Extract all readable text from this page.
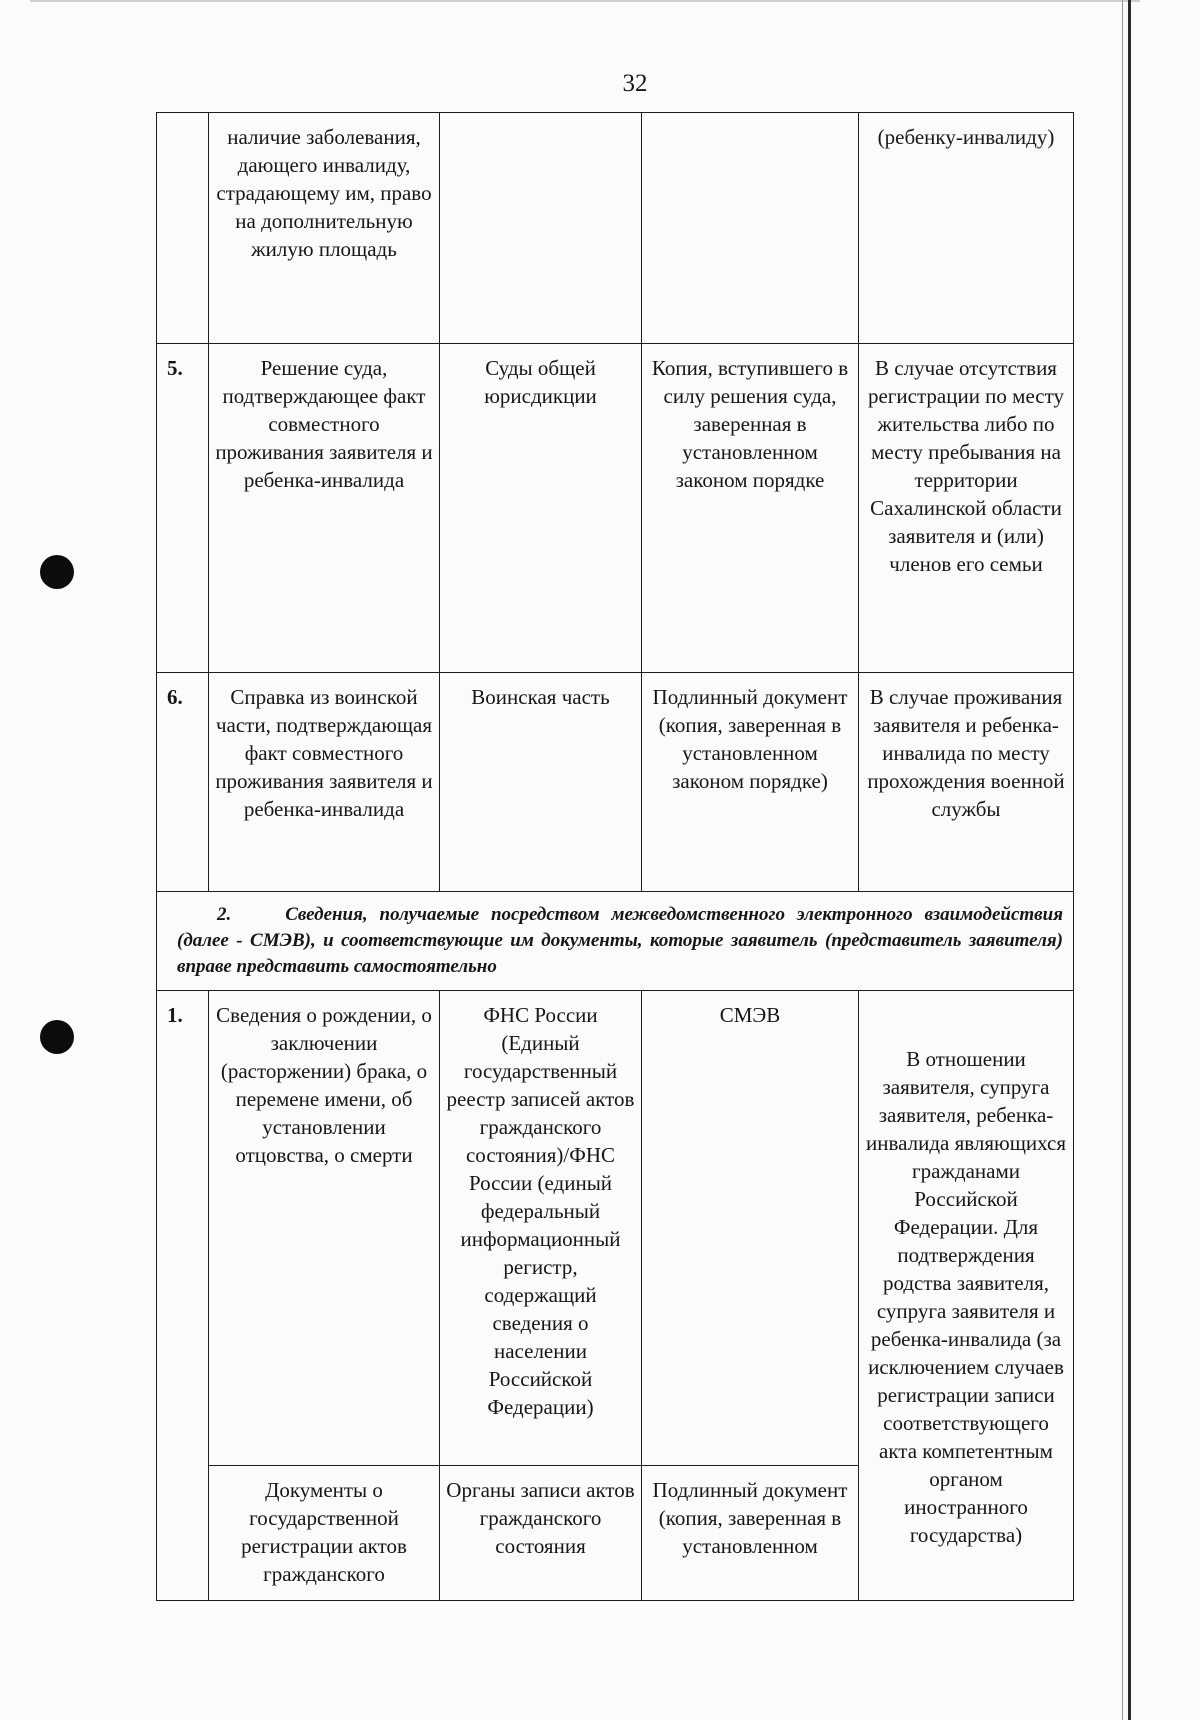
32
	наличие заболевания, дающего инвалиду, страдающему им, право на дополнительную жилую площадь			(ребенку-инвалиду)
5.	Решение суда, подтверждающее факт совместного проживания заявителя и ребенка-инвалида	Суды общей юрисдикции	Копия, вступившего в силу решения суда, заверенная в установленном законом порядке	В случае отсутствия регистрации по месту жительства либо по месту пребывания на территории Сахалинской области заявителя и (или) членов его семьи
6.	Справка из воинской части, подтверждающая факт совместного проживания заявителя и ребенка-инвалида	Воинская часть	Подлинный документ (копия, заверенная в установленном законом порядке)	В случае проживания заявителя и ребенка-инвалида по месту прохождения военной службы
2. Сведения, получаемые посредством межведомственного электронного взаимодействия (далее - СМЭВ), и соответствующие им документы, которые заявитель (представитель заявителя) вправе представить самостоятельно				
1.	Сведения о рождении, о заключении (расторжении) брака, о перемене имени, об установлении отцовства, о смерти	ФНС России (Единый государственный реестр записей актов гражданского состояния)/ФНС России (единый федеральный информационный регистр, содержащий сведения о населении Российской Федерации)	СМЭВ	В отношении заявителя, супруга заявителя, ребенка-инвалида являющихся гражданами Российской Федерации. Для подтверждения родства заявителя, супруга заявителя и ребенка-инвалида (за исключением случаев регистрации записи соответствующего акта компетентным органом иностранного государства)
	Документы о государственной регистрации актов гражданского	Органы записи актов гражданского состояния	Подлинный документ (копия, заверенная в установленном	
